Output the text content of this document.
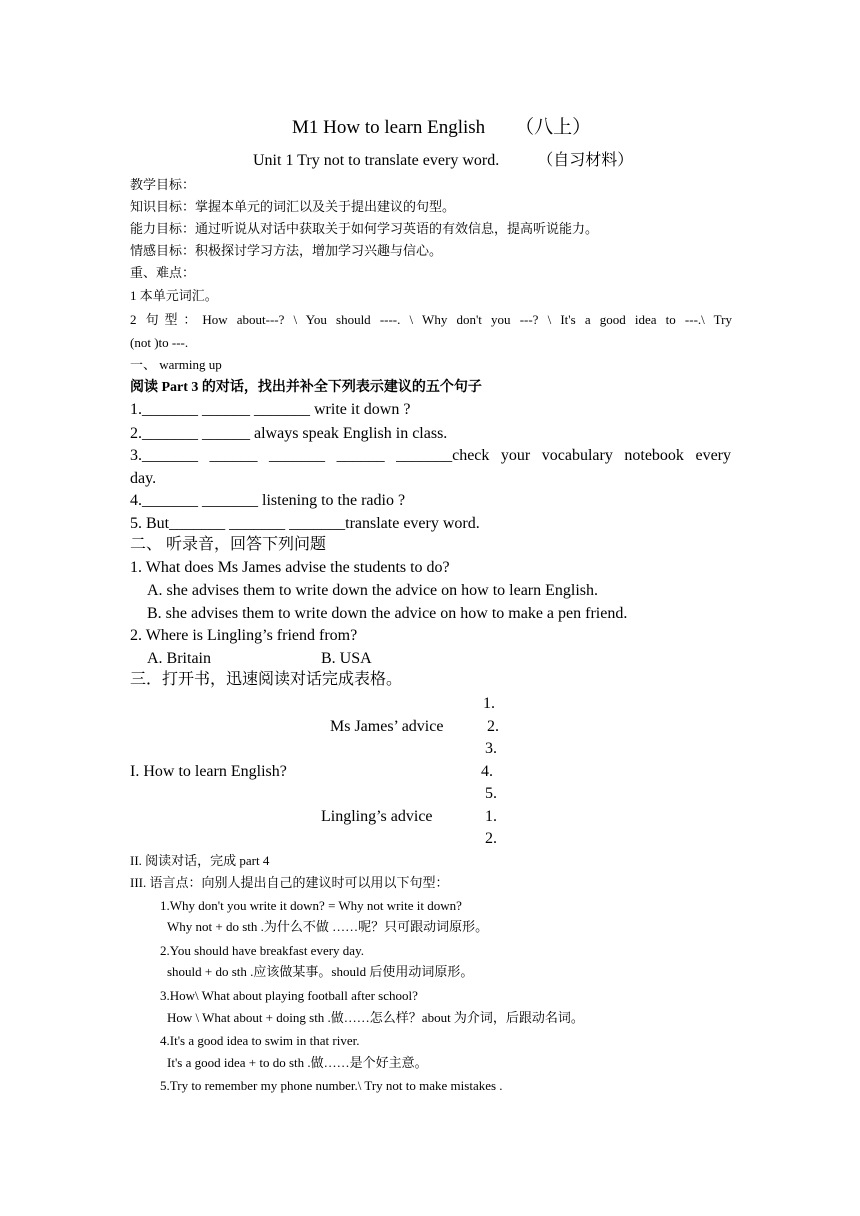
M1 How to learn English （八上）
Unit 1 Try not to translate every word. （自习材料）
教学目标：
知识目标：掌握本单元的词汇以及关于提出建议的句型。
能力目标：通过听说从对话中获取关于如何学习英语的有效信息，提高听说能力。
情感目标：积极探讨学习方法，增加学习兴趣与信心。
重、难点：
1 本单元词汇。
2 句型：How about---? \ You should ----. \ Why don't you ---? \ It's a good idea to ---.\ Try
(not )to ---.
一、 warming up
阅读 Part 3 的对话，找出并补全下列表示建议的五个句子
1._______ ______ _______ write it down ?
2._______ ______ always speak English in class.
3._______ ______ _______ ______ _______check your vocabulary notebook every
day.
4._______ _______ listening to the radio ?
5. But_______ _______ _______translate every word.
二、 听录音，回答下列问题
1. What does Ms James advise the students to do?
A. she advises them to write down the advice on how to learn English.
B. she advises them to write down the advice on how to make a pen friend.
2. Where is Lingling’s friend from?
A. Britain	B. USA
三．打开书，迅速阅读对话完成表格。
1.
Ms James’ advice	2.
3.
I. How to learn English?	4.
5.
Lingling’s advice	1.
2.
II. 阅读对话，完成 part 4
III. 语言点：向别人提出自己的建议时可以用以下句型：
1.Why don't you write it down? = Why not write it down?
Why not + do sth .为什么不做 ……呢？只可跟动词原形。
2.You should have breakfast every day.
should + do sth .应该做某事。should 后使用动词原形。
3.How\ What about playing football after school?
How \ What about + doing sth .做……怎么样？about 为介词，后跟动名词。
4.It's a good idea to swim in that river.
It's a good idea + to do sth .做……是个好主意。
5.Try to remember my phone number.\ Try not to make mistakes .
